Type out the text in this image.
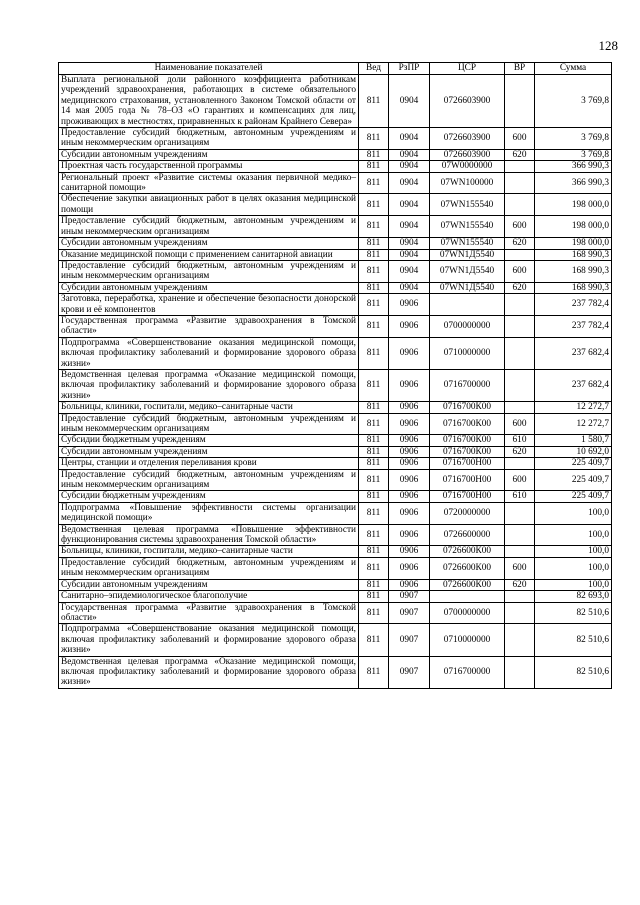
128
Наименование показателей	Вед	РзПР	ЦСР	ВР	Сумма
Выплата региональной доли районного коэффициента работникам учреждений здравоохранения, работающих в системе обязательного медицинского страхования, установленного Законом Томской области от 14 мая 2005 года № 78–ОЗ «О гарантиях и компенсациях для лиц, проживающих в местностях, приравненных к районам Крайнего Севера»	811	0904	0726603900		3 769,8
Предоставление субсидий бюджетным, автономным учреждениям и иным некоммерческим организациям	811	0904	0726603900	600	3 769,8
Субсидии автономным учреждениям	811	0904	0726603900	620	3 769,8
Проектная часть государственной программы	811	0904	07W0000000		366 990,3
Региональный проект «Развитие системы оказания первичной медико–санитарной помощи»	811	0904	07WN100000		366 990,3
Обеспечение закупки авиационных работ в целях оказания медицинской помощи	811	0904	07WN155540		198 000,0
Предоставление субсидий бюджетным, автономным учреждениям и иным некоммерческим организациям	811	0904	07WN155540	600	198 000,0
Субсидии автономным учреждениям	811	0904	07WN155540	620	198 000,0
Оказание медицинской помощи с применением санитарной авиации	811	0904	07WN1Д5540		168 990,3
Предоставление субсидий бюджетным, автономным учреждениям и иным некоммерческим организациям	811	0904	07WN1Д5540	600	168 990,3
Субсидии автономным учреждениям	811	0904	07WN1Д5540	620	168 990,3
Заготовка, переработка, хранение и обеспечение безопасности донорской крови и её компонентов	811	0906			237 782,4
Государственная программа «Развитие здравоохранения в Томской области»	811	0906	0700000000		237 782,4
Подпрограмма «Совершенствование оказания медицинской помощи, включая профилактику заболеваний и формирование здорового образа жизни»	811	0906	0710000000		237 682,4
Ведомственная целевая программа «Оказание медицинской помощи, включая профилактику заболеваний и формирование здорового образа жизни»	811	0906	0716700000		237 682,4
Больницы, клиники, госпитали, медико–санитарные части	811	0906	0716700К00		12 272,7
Предоставление субсидий бюджетным, автономным учреждениям и иным некоммерческим организациям	811	0906	0716700К00	600	12 272,7
Субсидии бюджетным учреждениям	811	0906	0716700К00	610	1 580,7
Субсидии автономным учреждениям	811	0906	0716700К00	620	10 692,0
Центры, станции и отделения переливания крови	811	0906	0716700Н00		225 409,7
Предоставление субсидий бюджетным, автономным учреждениям и иным некоммерческим организациям	811	0906	0716700Н00	600	225 409,7
Субсидии бюджетным учреждениям	811	0906	0716700Н00	610	225 409,7
Подпрограмма «Повышение эффективности системы организации медицинской помощи»	811	0906	0720000000		100,0
Ведомственная целевая программа «Повышение эффективности функционирования системы здравоохранения Томской области»	811	0906	0726600000		100,0
Больницы, клиники, госпитали, медико–санитарные части	811	0906	0726600К00		100,0
Предоставление субсидий бюджетным, автономным учреждениям и иным некоммерческим организациям	811	0906	0726600К00	600	100,0
Субсидии автономным учреждениям	811	0906	0726600К00	620	100,0
Санитарно–эпидемиологическое благополучие	811	0907			82 693,0
Государственная программа «Развитие здравоохранения в Томской области»	811	0907	0700000000		82 510,6
Подпрограмма «Совершенствование оказания медицинской помощи, включая профилактику заболеваний и формирование здорового образа жизни»	811	0907	0710000000		82 510,6
Ведомственная целевая программа «Оказание медицинской помощи, включая профилактику заболеваний и формирование здорового образа жизни»	811	0907	0716700000		82 510,6
